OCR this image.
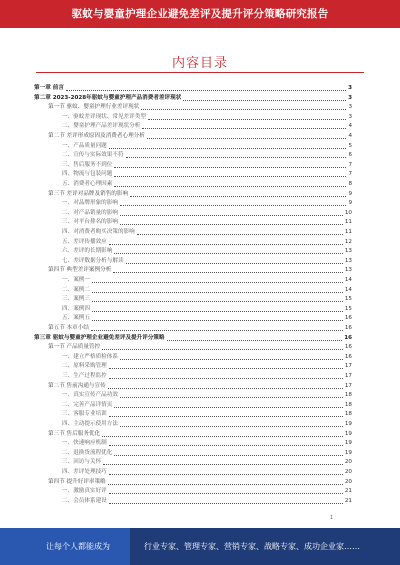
驱蚊与婴童护理企业避免差评及提升评分策略研究报告
内容目录
第一章 前言	3
第二章 2023-2028年驱蚊与婴童护理产品消费者差评现状	3
第一节 驱蚊、婴童护理行业差评现状	3
一、驱蚊差评现状、常见差评类型	3
二、婴童护理产品差评现状分析	4
第二节 差评形成原因及消费者心理分析	4
一、产品质量问题	5
二、宣传与实际效果不符	6
三、售后服务不到位	7
四、物流与包装问题	7
五、消费者心理因素	8
第三节 差评对品牌及销售的影响	9
一、对品牌形象的影响	9
二、对产品销量的影响	10
三、对平台排名的影响	11
四、对消费者购买决策的影响	11
五、差评传播效应	12
六、差评的长期影响	13
七、差评数据分析与解读	13
第四节 典型差评案例分析	13
一、案例一	14
二、案例二	14
三、案例三	15
四、案例四	15
五、案例五	16
第五节 本章小结	16
第三章 驱蚊与婴童护理企业避免差评及提升评分策略	16
第一节 产品质量管控	16
一、建立严格质检体系	16
二、原料采购管理	17
三、生产过程监控	17
第二节 售前沟通与宣传	17
一、真实宣传产品功效	18
二、完善产品详情页	18
三、客服专业培训	18
四、主动提示使用方法	19
第三节 售后服务优化	19
一、快速响应机制	19
二、退换货流程优化	19
三、回访与关怀	20
四、差评处理技巧	20
第四节 提升好评率策略	20
一、激励真实好评	21
二、会员体系建设	21
1
让每个人都能成为	行业专家、管理专家、营销专家、战略专家、成功企业家……
